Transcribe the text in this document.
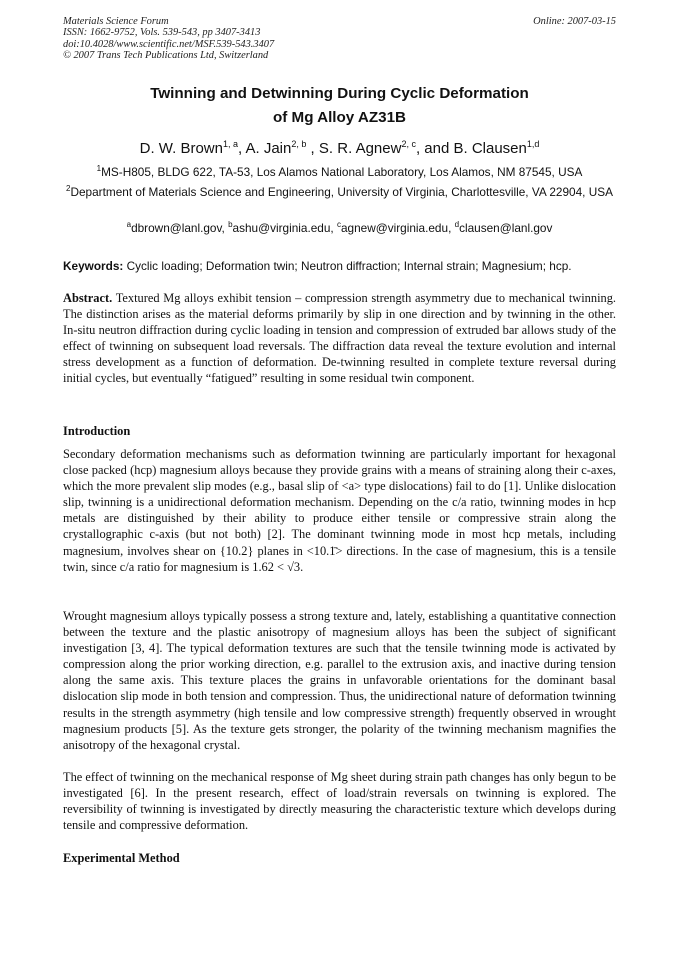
Materials Science Forum
ISSN: 1662-9752, Vols. 539-543, pp 3407-3413
doi:10.4028/www.scientific.net/MSF.539-543.3407
© 2007 Trans Tech Publications Ltd, Switzerland
Online: 2007-03-15
Twinning and Detwinning During Cyclic Deformation
of Mg Alloy AZ31B
D. W. Brown$^{1, a}$, A. Jain$^{2, b}$ , S. R. Agnew$^{2, c}$, and B. Clausen$^{1,d}$
$^1$MS-H805, BLDG 622, TA-53, Los Alamos National Laboratory, Los Alamos, NM 87545, USA
$^2$Department of Materials Science and Engineering, University of Virginia, Charlottesville, VA 22904, USA
$^a$dbrown@lanl.gov, $^b$ashu@virginia.edu, $^c$agnew@virginia.edu, $^d$clausen@lanl.gov
Keywords: Cyclic loading; Deformation twin; Neutron diffraction; Internal strain; Magnesium; hcp.
Abstract. Textured Mg alloys exhibit tension – compression strength asymmetry due to mechanical twinning. The distinction arises as the material deforms primarily by slip in one direction and by twinning in the other. In-situ neutron diffraction during cyclic loading in tension and compression of extruded bar allows study of the effect of twinning on subsequent load reversals. The diffraction data reveal the texture evolution and internal stress development as a function of deformation. De-twinning resulted in complete texture reversal during initial cycles, but eventually “fatigued” resulting in some residual twin component.
Introduction
Secondary deformation mechanisms such as deformation twinning are particularly important for hexagonal close packed (hcp) magnesium alloys because they provide grains with a means of straining along their c-axes, which the more prevalent slip modes (e.g., basal slip of <a> type dislocations) fail to do [1]. Unlike dislocation slip, twinning is a unidirectional deformation mechanism. Depending on the c/a ratio, twinning modes in hcp metals are distinguished by their ability to produce either tensile or compressive strain along the crystallographic c-axis (but not both) [2]. The dominant twinning mode in most hcp metals, including magnesium, involves shear on {10.2} planes in <10.1̄> directions. In the case of magnesium, this is a tensile twin, since c/a ratio for magnesium is 1.62 < √3.
Wrought magnesium alloys typically possess a strong texture and, lately, establishing a quantitative connection between the texture and the plastic anisotropy of magnesium alloys has been the subject of significant investigation [3, 4]. The typical deformation textures are such that the tensile twinning mode is activated by compression along the prior working direction, e.g. parallel to the extrusion axis, and inactive during tension along the same axis. This texture places the grains in unfavorable orientations for the dominant basal dislocation slip mode in both tension and compression. Thus, the unidirectional nature of deformation twinning results in the strength asymmetry (high tensile and low compressive strength) frequently observed in wrought magnesium products [5]. As the texture gets stronger, the polarity of the twinning mechanism magnifies the anisotropy of the hexagonal crystal.
The effect of twinning on the mechanical response of Mg sheet during strain path changes has only begun to be investigated [6]. In the present research, effect of load/strain reversals on twinning is explored. The reversibility of twinning is investigated by directly measuring the characteristic texture which develops during tensile and compressive deformation.
Experimental Method
